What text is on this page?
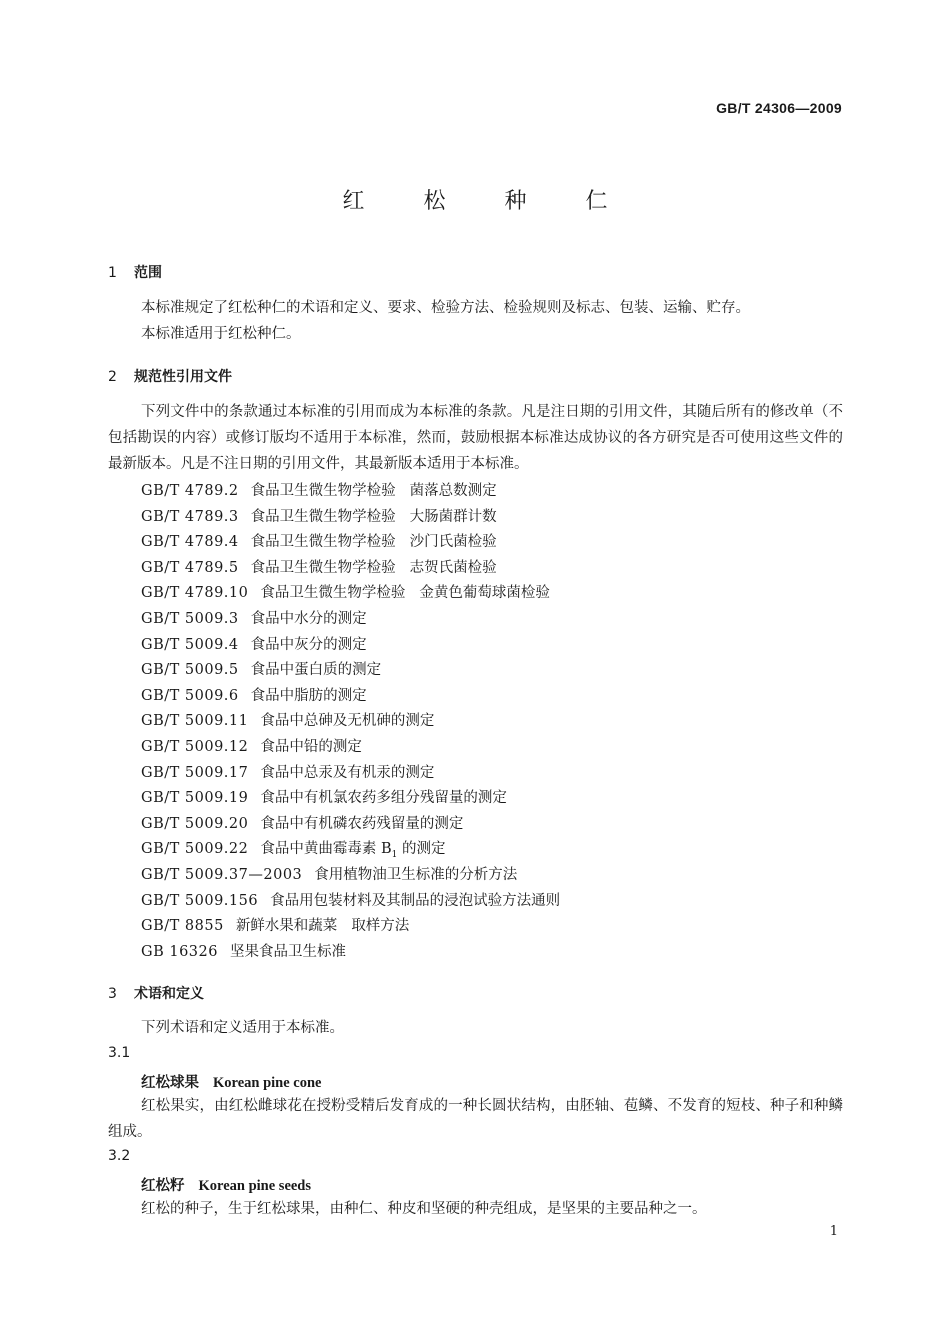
GB/T 24306—2009
红 松 种 仁
1 范围
本标准规定了红松种仁的术语和定义、要求、检验方法、检验规则及标志、包装、运输、贮存。
本标准适用于红松种仁。
2 规范性引用文件
下列文件中的条款通过本标准的引用而成为本标准的条款。凡是注日期的引用文件，其随后所有的修改单（不包括勘误的内容）或修订版均不适用于本标准，然而，鼓励根据本标准达成协议的各方研究是否可使用这些文件的最新版本。凡是不注日期的引用文件，其最新版本适用于本标准。
GB/T 4789.2 食品卫生微生物学检验 菌落总数测定
GB/T 4789.3 食品卫生微生物学检验 大肠菌群计数
GB/T 4789.4 食品卫生微生物学检验 沙门氏菌检验
GB/T 4789.5 食品卫生微生物学检验 志贺氏菌检验
GB/T 4789.10 食品卫生微生物学检验 金黄色葡萄球菌检验
GB/T 5009.3 食品中水分的测定
GB/T 5009.4 食品中灰分的测定
GB/T 5009.5 食品中蛋白质的测定
GB/T 5009.6 食品中脂肪的测定
GB/T 5009.11 食品中总砷及无机砷的测定
GB/T 5009.12 食品中铅的测定
GB/T 5009.17 食品中总汞及有机汞的测定
GB/T 5009.19 食品中有机氯农药多组分残留量的测定
GB/T 5009.20 食品中有机磷农药残留量的测定
GB/T 5009.22 食品中黄曲霉毒素 $B_1$ 的测定
GB/T 5009.37—2003 食用植物油卫生标准的分析方法
GB/T 5009.156 食品用包装材料及其制品的浸泡试验方法通则
GB/T 8855 新鲜水果和蔬菜 取样方法
GB 16326 坚果食品卫生标准
3 术语和定义
下列术语和定义适用于本标准。
3.1
红松球果 Korean pine cone
红松果实，由红松雌球花在授粉受精后发育成的一种长圆状结构，由胚轴、苞鳞、不发育的短枝、种子和种鳞组成。
3.2
红松籽 Korean pine seeds
红松的种子，生于红松球果，由种仁、种皮和坚硬的种壳组成，是坚果的主要品种之一。
1
